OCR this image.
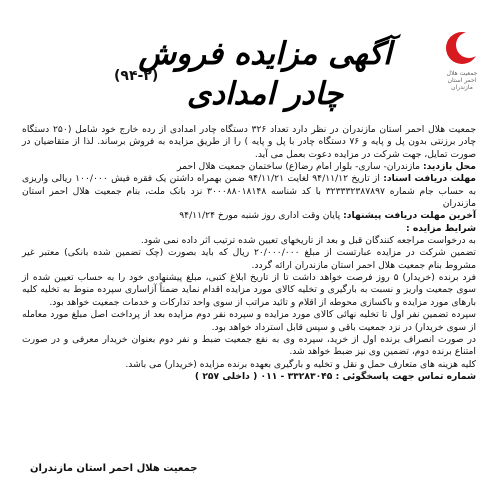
جمعیت هلال احمر استان مازندران
آگهی مزایده فروش چادر امدادی
(۹۴-۲)

جمعیت هلال احمر استان مازندران در نظر دارد تعداد ۳۲۶ دستگاه چادر امدادی از رده خارج خود شامل (۲۵۰ دستگاه چادر برزنتی بدون پل و پایه و ۷۶ دستگاه چادر با پل و پایه ) را از طریق مزایده به فروش برساند. لذا از متقاضیان در صورت تمایل، جهت شرکت در مزایده دعوت بعمل می آید.

محل بازدید: مازندران- ساری- بلوار امام رضا(ع) ساختمان جمعیت هلال احمر

مهلت دریافت اسناد: از تاریخ ۹۴/۱۱/۱۲ لغایت ۹۴/۱۱/۲۱ ضمن بهمراه داشتن یک فقره فیش ۱۰۰/۰۰۰ ریالی واریزی به حساب جام شماره ۳۲۳۳۳۲۳۸۷۸۹۷ با کد شناسه ۳۰۰۰۸۸۰۱۸۱۴۸ نزد بانک ملت، بنام جمعیت هلال احمر استان مازندران

آخرین مهلت دریافت پیشنهاد: پایان وقت اداری روز شنبه مورخ ۹۴/۱۱/۲۴

شرایط مزایده :

به درخواست مراجعه کنندگان قبل و بعد از تاریخهای تعیین شده ترتیب اثر داده نمی شود.

تضمین شرکت در مزایده عبارتست از مبلغ ۲۰/۰۰۰/۰۰۰ ریال که باید بصورت (چک تضمین شده بانکی) معتبر غیر مشروط بنام جمعیت هلال احمر استان مازندران ارائه گردد.

فرد برنده (خریدار) ۵ روز فرصت خواهد داشت تا از تاریخ ابلاغ کتبی، مبلغ پیشنهادی خود را به حساب تعیین شده از سوی جمعیت واریز و نسبت به بارگیری و تخلیه کالای مورد مزایده اقدام نماید ضمناً آزاساری سپرده منوط به تخلیه کلیه بارهای مورد مزایده و باکسازی محوطه از اقلام و تائید مراتب از سوی واحد تداركات و خدمات جمعیت خواهد بود.

سپرده تضمین نفر اول تا تخلیه نهائی کالای مورد مزایده و سپرده نفر دوم مزایده بعد از پرداخت اصل مبلغ مورد معامله از سوی خریدار) در نزد جمعیت باقی و سپس قابل استرداد خواهد بود.

در صورت انصراف برنده اول از خرید، سپرده وی به نفع جمعیت ضبط و نفر دوم بعنوان خریدار معرفی و در صورت امتناع برنده دوم، تضمین وی نیز ضبط خواهد شد.

کلیه هزینه های متعارف حمل و نقل و تخلیه و بارگیری بعهده برنده مزایده (خریدار) می باشد.

شماره تماس جهت پاسخگوئی : ۳۳۲۸۳۰۴۵ - ۰۱۱ ( داخلی ۲۵۷ )

جمعیت هلال احمر استان مازندران
